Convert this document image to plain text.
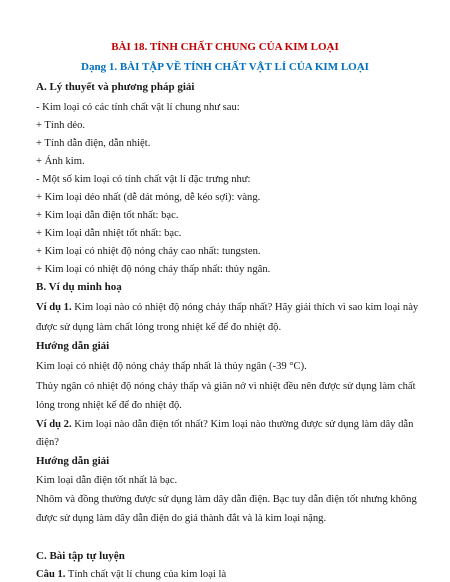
BÀI 18. TÍNH CHẤT CHUNG CỦA KIM LOẠI
Dạng 1. BÀI TẬP VỀ TÍNH CHẤT VẬT LÍ CỦA KIM LOẠI
A. Lý thuyết và phương pháp giải
- Kim loại có các tính chất vật lí chung như sau:
+ Tính dẻo.
+ Tính dẫn điện, dẫn nhiệt.
+ Ánh kim.
- Một số kim loại có tính chất vật lí đặc trưng như:
+ Kim loại dẻo nhất (dễ dát mỏng, dễ kéo sợi): vàng.
+ Kim loại dẫn điện tốt nhất: bạc.
+ Kim loại dẫn nhiệt tốt nhất: bạc.
+ Kim loại có nhiệt độ nóng chảy cao nhất: tungsten.
+ Kim loại có nhiệt độ nóng chảy thấp nhất: thủy ngân.
B. Ví dụ minh hoạ
Ví dụ 1. Kim loại nào có nhiệt độ nóng chảy thấp nhất? Hãy giải thích vì sao kim loại này
được sử dụng làm chất lỏng trong nhiệt kế để đo nhiệt độ.
Hướng dẫn giải
Kim loại có nhiệt độ nóng chảy thấp nhất là thủy ngân (-39 °C).
Thủy ngân có nhiệt độ nóng chảy thấp và giãn nở vì nhiệt đều nên được sử dụng làm chất
lỏng trong nhiệt kế để đo nhiệt độ.
Ví dụ 2. Kim loại nào dẫn điện tốt nhất? Kim loại nào thường được sử dụng làm dây dẫn
điện?
Hướng dẫn giải
Kim loại dẫn điện tốt nhất là bạc.
Nhôm và đồng thường được sử dụng làm dây dẫn điện. Bạc tuy dẫn điện tốt nhưng không
được sử dụng làm dây dẫn điện do giá thành đắt và là kim loại nặng.
C. Bài tập tự luyện
Câu 1. Tính chất vật lí chung của kim loại là
